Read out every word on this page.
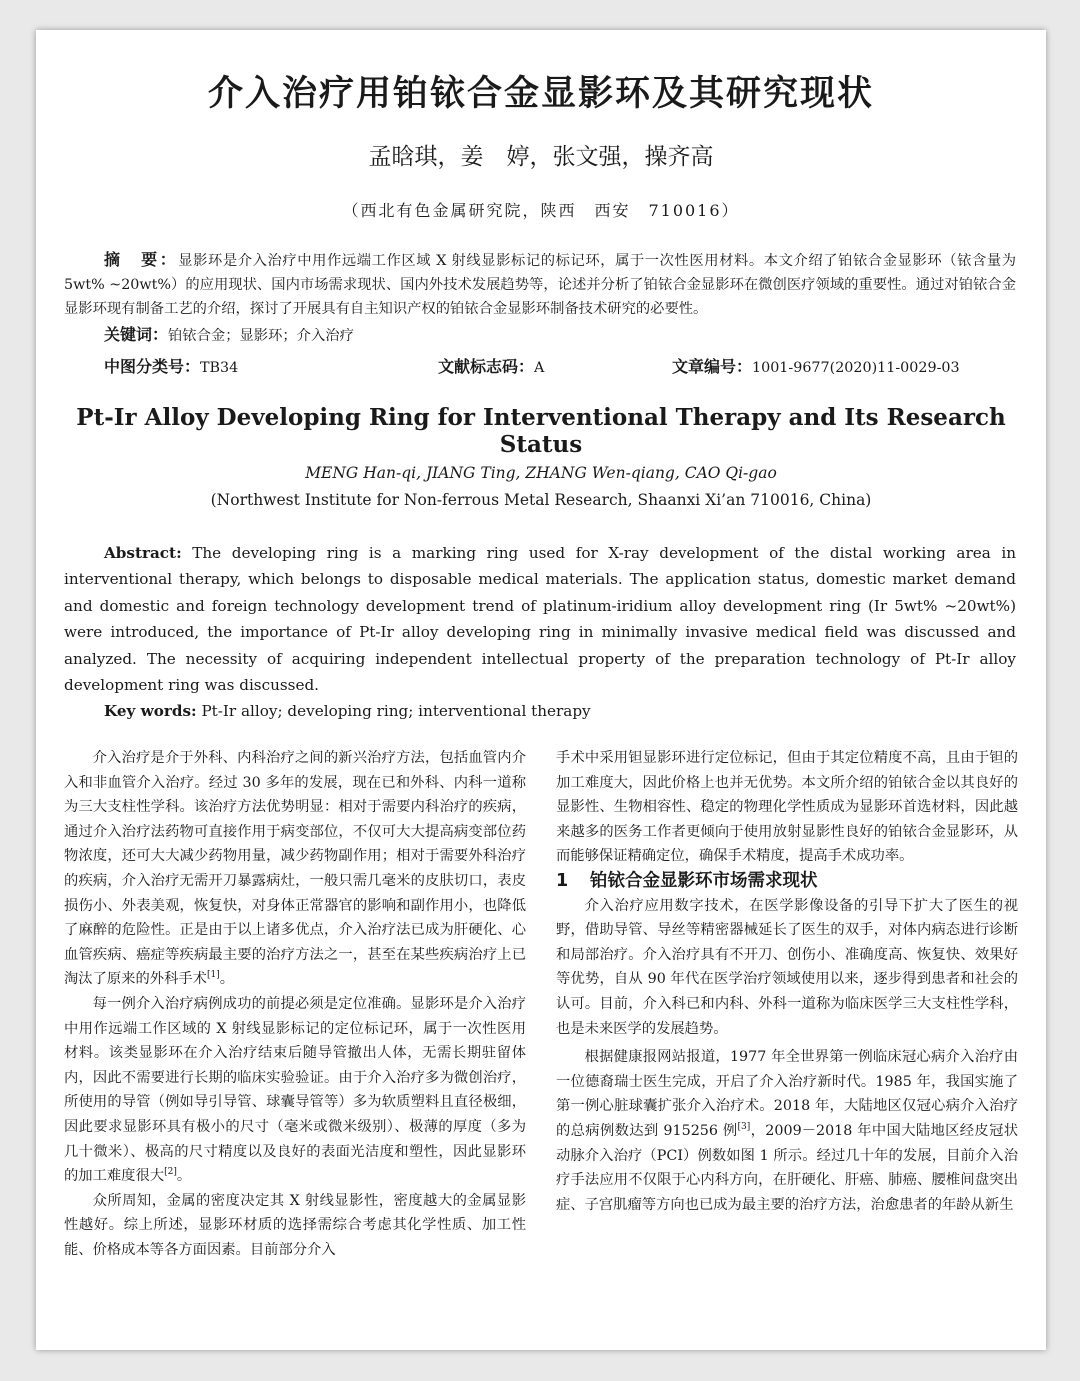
介入治疗用铂铱合金显影环及其研究现状
孟晗琪，姜　婷，张文强，操齐高
（西北有色金属研究院，陕西　西安　710016）
摘　要：显影环是介入治疗中用作远端工作区域 X 射线显影标记的标记环，属于一次性医用材料。本文介绍了铂铱合金显影环（铱含量为5wt% ~20wt%）的应用现状、国内市场需求现状、国内外技术发展趋势等，论述并分析了铂铱合金显影环在微创医疗领域的重要性。通过对铂铱合金显影环现有制备工艺的介绍，探讨了开展具有自主知识产权的铂铱合金显影环制备技术研究的必要性。
关键词：铂铱合金；显影环；介入治疗
中图分类号：TB34	文献标志码：A	文章编号：1001-9677(2020)11-0029-03
Pt-Ir Alloy Developing Ring for Interventional Therapy and Its Research Status
MENG Han-qi, JIANG Ting, ZHANG Wen-qiang, CAO Qi-gao
(Northwest Institute for Non-ferrous Metal Research, Shaanxi Xi’an 710016, China)
Abstract: The developing ring is a marking ring used for X-ray development of the distal working area in interventional therapy, which belongs to disposable medical materials. The application status, domestic market demand and domestic and foreign technology development trend of platinum-iridium alloy development ring (Ir 5wt% ~20wt%) were introduced, the importance of Pt-Ir alloy developing ring in minimally invasive medical field was discussed and analyzed. The necessity of acquiring independent intellectual property of the preparation technology of Pt-Ir alloy development ring was discussed.
Key words: Pt-Ir alloy; developing ring; interventional therapy

介入治疗是介于外科、内科治疗之间的新兴治疗方法，包括血管内介入和非血管介入治疗。经过 30 多年的发展，现在已和外科、内科一道称为三大支柱性学科。该治疗方法优势明显：相对于需要内科治疗的疾病，通过介入治疗法药物可直接作用于病变部位，不仅可大大提高病变部位药物浓度，还可大大减少药物用量，减少药物副作用；相对于需要外科治疗的疾病，介入治疗无需开刀暴露病灶，一般只需几毫米的皮肤切口，表皮损伤小、外表美观，恢复快，对身体正常器官的影响和副作用小，也降低了麻醉的危险性。正是由于以上诸多优点，介入治疗法已成为肝硬化、心血管疾病、癌症等疾病最主要的治疗方法之一，甚至在某些疾病治疗上已淘汰了原来的外科手术[1]。

每一例介入治疗病例成功的前提必须是定位准确。显影环是介入治疗中用作远端工作区域的 X 射线显影标记的定位标记环，属于一次性医用材料。该类显影环在介入治疗结束后随导管撤出人体，无需长期驻留体内，因此不需要进行长期的临床实验验证。由于介入治疗多为微创治疗，所使用的导管（例如导引导管、球囊导管等）多为软质塑料且直径极细，因此要求显影环具有极小的尺寸（毫米或微米级别）、极薄的厚度（多为几十微米）、极高的尺寸精度以及良好的表面光洁度和塑性，因此显影环的加工难度很大[2]。

众所周知，金属的密度决定其 X 射线显影性，密度越大的金属显影性越好。综上所述，显影环材质的选择需综合考虑其化学性质、加工性能、价格成本等各方面因素。目前部分介入

手术中采用钽显影环进行定位标记，但由于其定位精度不高，且由于钽的加工难度大，因此价格上也并无优势。本文所介绍的铂铱合金以其良好的显影性、生物相容性、稳定的物理化学性质成为显影环首选材料，因此越来越多的医务工作者更倾向于使用放射显影性良好的铂铱合金显影环，从而能够保证精确定位，确保手术精度，提高手术成功率。

1 铂铱合金显影环市场需求现状

介入治疗应用数字技术，在医学影像设备的引导下扩大了医生的视野，借助导管、导丝等精密器械延长了医生的双手，对体内病态进行诊断和局部治疗。介入治疗具有不开刀、创伤小、准确度高、恢复快、效果好等优势，自从 90 年代在医学治疗领域使用以来，逐步得到患者和社会的认可。目前，介入科已和内科、外科一道称为临床医学三大支柱性学科，也是未来医学的发展趋势。

根据健康报网站报道，1977 年全世界第一例临床冠心病介入治疗由一位德裔瑞士医生完成，开启了介入治疗新时代。1985 年，我国实施了第一例心脏球囊扩张介入治疗术。2018 年，大陆地区仅冠心病介入治疗的总病例数达到 915256 例[3]，2009－2018 年中国大陆地区经皮冠状动脉介入治疗（PCI）例数如图 1 所示。经过几十年的发展，目前介入治疗手法应用不仅限于心内科方向，在肝硬化、肝癌、肺癌、腰椎间盘突出症、子宫肌瘤等方向也已成为最主要的治疗方法，治愈患者的年龄从新生
